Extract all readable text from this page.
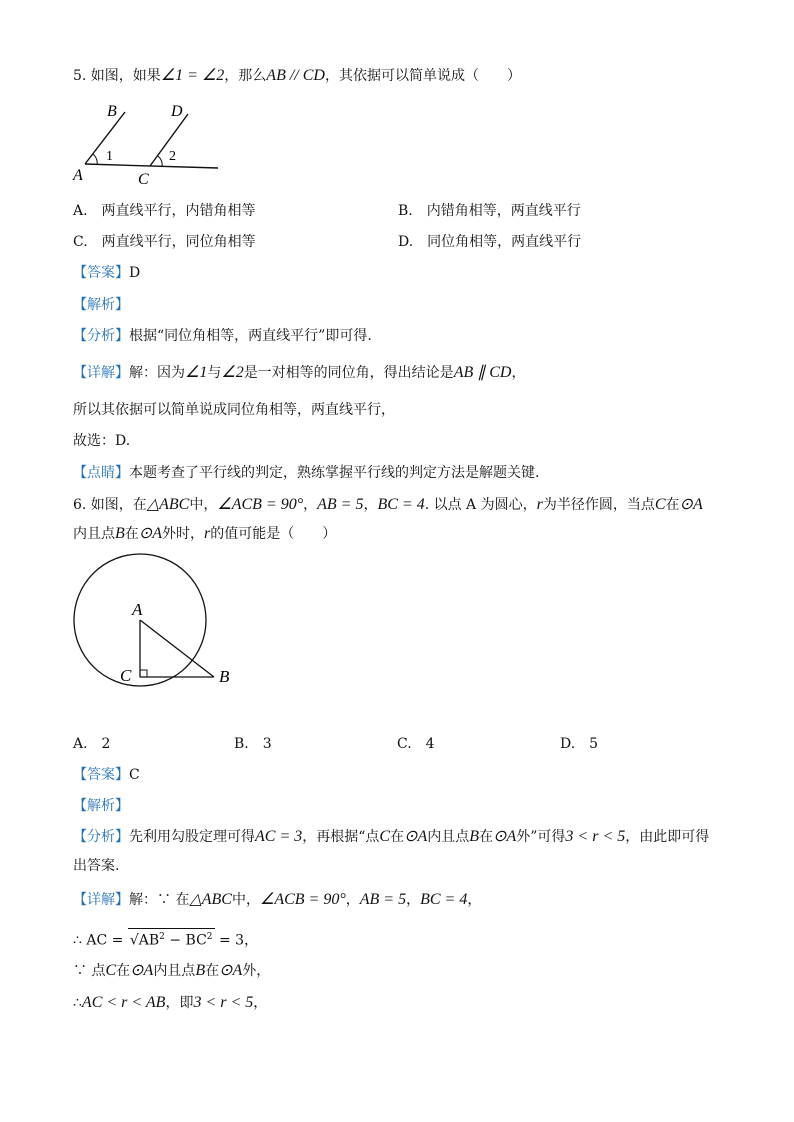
5. 如图，如果∠1 = ∠2，那么AB // CD，其依据可以简单说成（　　）
B	D
A	C
1	2
A.　两直线平行，内错角相等	B.　内错角相等，两直线平行
C.　两直线平行，同位角相等	D.　同位角相等，两直线平行
【答案】D
【解析】
【分析】根据“同位角相等，两直线平行”即可得.
【详解】解：因为∠1与∠2是一对相等的同位角，得出结论是AB ∥ CD，
所以其依据可以简单说成同位角相等，两直线平行，
故选：D.
【点睛】本题考查了平行线的判定，熟练掌握平行线的判定方法是解题关键.
6. 如图，在△ABC中，∠ACB = 90°，AB = 5，BC = 4. 以点 A 为圆心，r为半径作圆，当点C在⊙A
内且点B在⊙A外时，r的值可能是（　　）
A
C	B
A.　2	B.　3	C.　4	D.　5
【答案】C
【解析】
【分析】先利用勾股定理可得AC = 3，再根据“点C在⊙A内且点B在⊙A外”可得3 < r < 5，由此即可得
出答案.
【详解】解：∵ 在△ABC中，∠ACB = 90°，AB = 5，BC = 4，
∴ AC = $√AB^2 - BC^2 = 3$，
∵ 点C在⊙A内且点B在⊙A外，
∴AC < r < AB，即3 < r < 5，
